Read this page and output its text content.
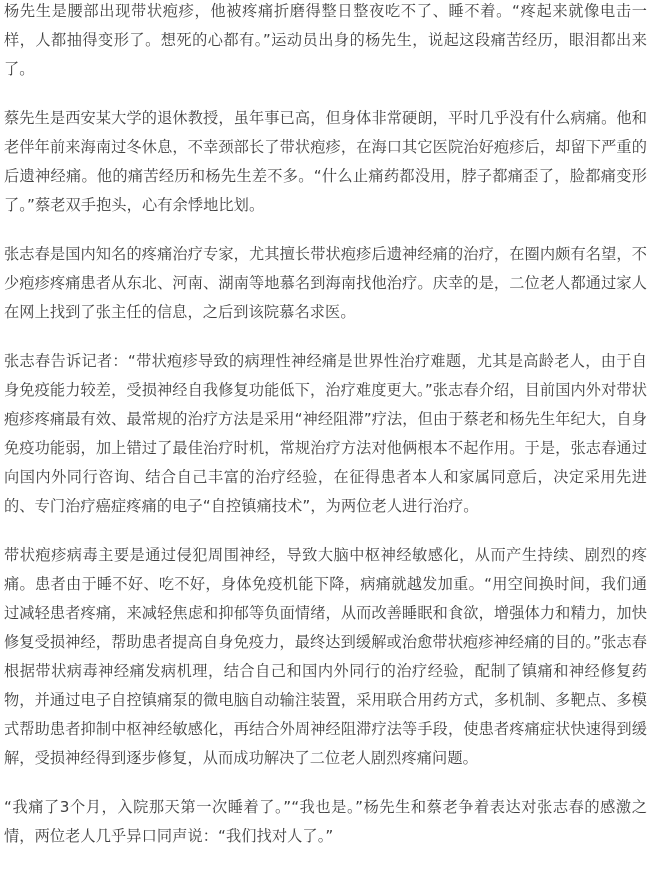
杨先生是腰部出现带状疱疹，他被疼痛折磨得整日整夜吃不了、睡不着。“疼起来就像电击一样，人都抽得变形了。想死的心都有。”运动员出身的杨先生，说起这段痛苦经历，眼泪都出来了。

蔡先生是西安某大学的退休教授，虽年事已高，但身体非常硬朗，平时几乎没有什么病痛。他和老伴年前来海南过冬休息，不幸颈部长了带状疱疹，在海口其它医院治好疱疹后，却留下严重的后遗神经痛。他的痛苦经历和杨先生差不多。“什么止痛药都没用，脖子都痛歪了，脸都痛变形了。”蔡老双手抱头，心有余悸地比划。

张志春是国内知名的疼痛治疗专家，尤其擅长带状疱疹后遗神经痛的治疗，在圈内颇有名望，不少疱疹疼痛患者从东北、河南、湖南等地慕名到海南找他治疗。庆幸的是，二位老人都通过家人在网上找到了张主任的信息，之后到该院慕名求医。

张志春告诉记者：“带状疱疹导致的病理性神经痛是世界性治疗难题，尤其是高龄老人，由于自身免疫能力较差，受损神经自我修复功能低下，治疗难度更大。”张志春介绍，目前国内外对带状疱疹疼痛最有效、最常规的治疗方法是采用“神经阻滞”疗法，但由于蔡老和杨先生年纪大，自身免疫功能弱，加上错过了最佳治疗时机，常规治疗方法对他俩根本不起作用。于是，张志春通过向国内外同行咨询、结合自己丰富的治疗经验，在征得患者本人和家属同意后，决定采用先进的、专门治疗癌症疼痛的电子“自控镇痛技术”，为两位老人进行治疗。

带状疱疹病毒主要是通过侵犯周围神经，导致大脑中枢神经敏感化，从而产生持续、剧烈的疼痛。患者由于睡不好、吃不好，身体免疫机能下降，病痛就越发加重。“用空间换时间，我们通过减轻患者疼痛，来减轻焦虑和抑郁等负面情绪，从而改善睡眠和食欲，增强体力和精力，加快修复受损神经，帮助患者提高自身免疫力，最终达到缓解或治愈带状疱疹神经痛的目的。”张志春根据带状病毒神经痛发病机理，结合自己和国内外同行的治疗经验，配制了镇痛和神经修复药物，并通过电子自控镇痛泵的微电脑自动输注装置，采用联合用药方式，多机制、多靶点、多模式帮助患者抑制中枢神经敏感化，再结合外周神经阻滞疗法等手段，使患者疼痛症状快速得到缓解，受损神经得到逐步修复，从而成功解决了二位老人剧烈疼痛问题。

“我痛了3个月，入院那天第一次睡着了。”“我也是。”杨先生和蔡老争着表达对张志春的感激之情，两位老人几乎异口同声说：“我们找对人了。”
